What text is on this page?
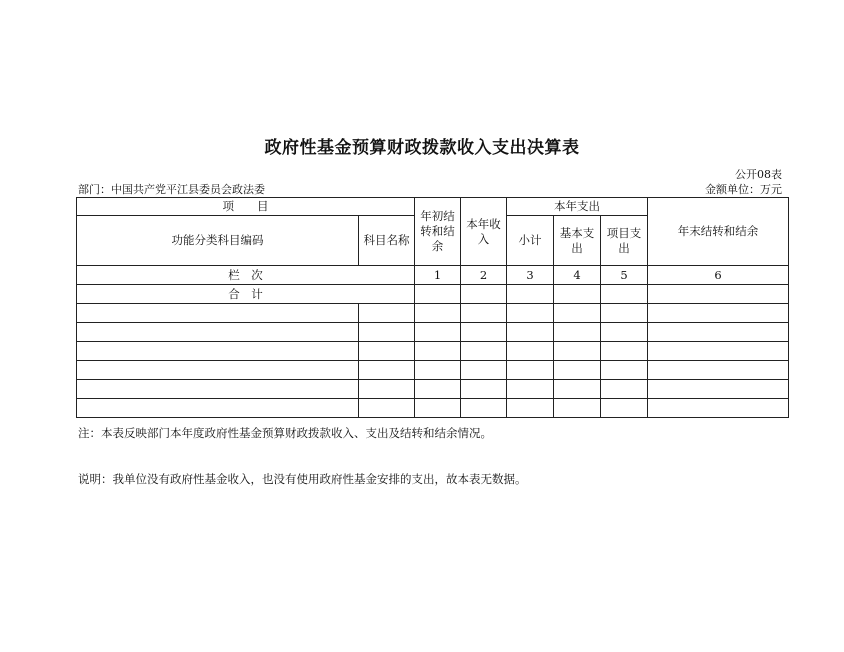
政府性基金预算财政拨款收入支出决算表
公开08表
部门：中国共产党平江县委员会政法委	金额单位：万元
项　　目		年初结转和结余	本年收入	本年支出			年末结转和结余
功能分类科目编码	科目名称			小计	基本支出	项目支出	
栏　次		1	2	3	4	5	6
合　计							

注：本表反映部门本年度政府性基金预算财政拨款收入、支出及结转和结余情况。
说明：我单位没有政府性基金收入，也没有使用政府性基金安排的支出，故本表无数据。
